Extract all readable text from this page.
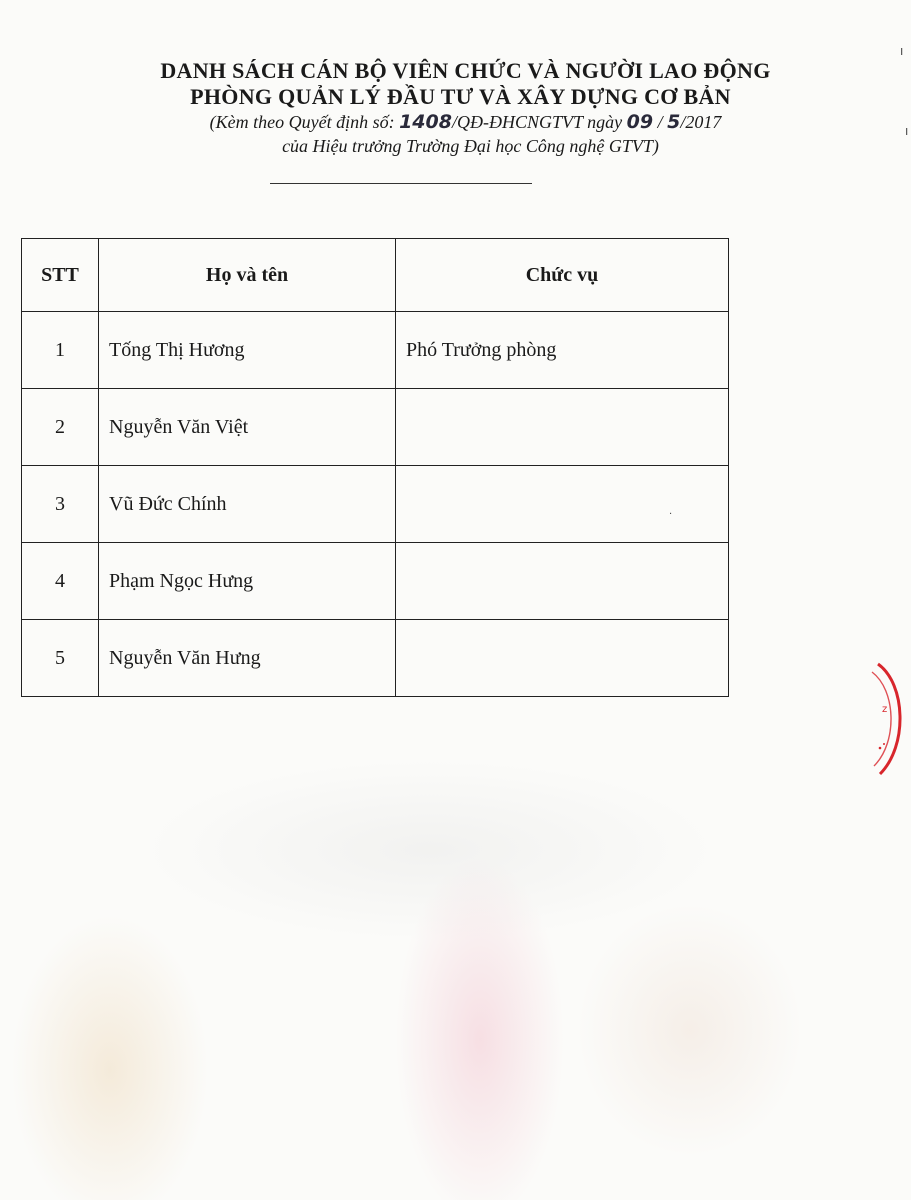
DANH SÁCH CÁN BỘ VIÊN CHỨC VÀ NGƯỜI LAO ĐỘNG
PHÒNG QUẢN LÝ ĐẦU TƯ VÀ XÂY DỰNG CƠ BẢN
(Kèm theo Quyết định số: 1408/QĐ-ĐHCNGTVT ngày 09 / 5/2017
của Hiệu trưởng Trường Đại học Công nghệ GTVT)
STT	Họ và tên	Chức vụ
1	Tống Thị Hương	Phó Trưởng phòng
2	Nguyễn Văn Việt	
3	Vũ Đức Chính	
4	Phạm Ngọc Hưng	
5	Nguyễn Văn Hưng	
z
ı
ı
·
